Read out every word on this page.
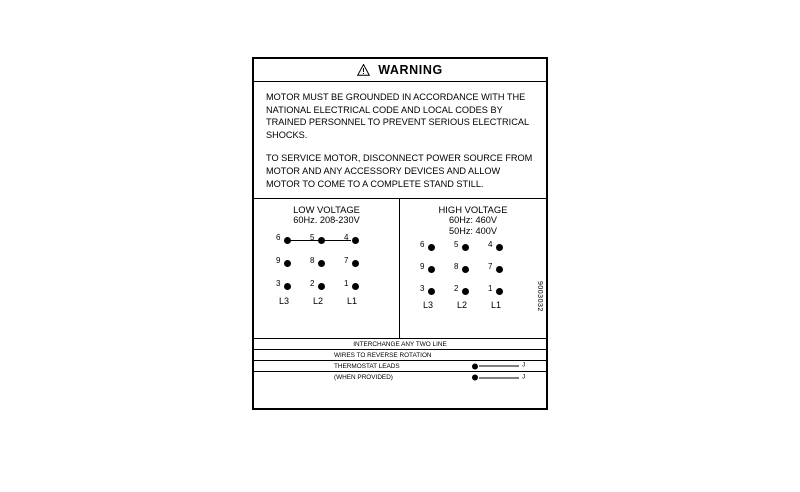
WARNING

MOTOR MUST BE GROUNDED IN ACCORDANCE WITH THE NATIONAL ELECTRICAL CODE AND LOCAL CODES BY TRAINED PERSONNEL TO PREVENT SERIOUS ELECTRICAL SHOCKS.

TO SERVICE MOTOR, DISCONNECT POWER SOURCE FROM MOTOR AND ANY ACCESSORY DEVICES AND ALLOW MOTOR TO COME TO A COMPLETE STAND STILL.

LOW VOLTAGE
60Hz. 208-230V
6	5	4
9	8	7
3	2	1
L3	L2	L1
HIGH VOLTAGE
60Hz: 460V
50Hz: 400V
6	5	4
9	8	7
3	2	1
L3	L2	L1	9003032
INTERCHANGE ANY TWO LINE
WIRES TO REVERSE ROTATION
THERMOSTAT LEADS	J
(WHEN PROVIDED)	J
